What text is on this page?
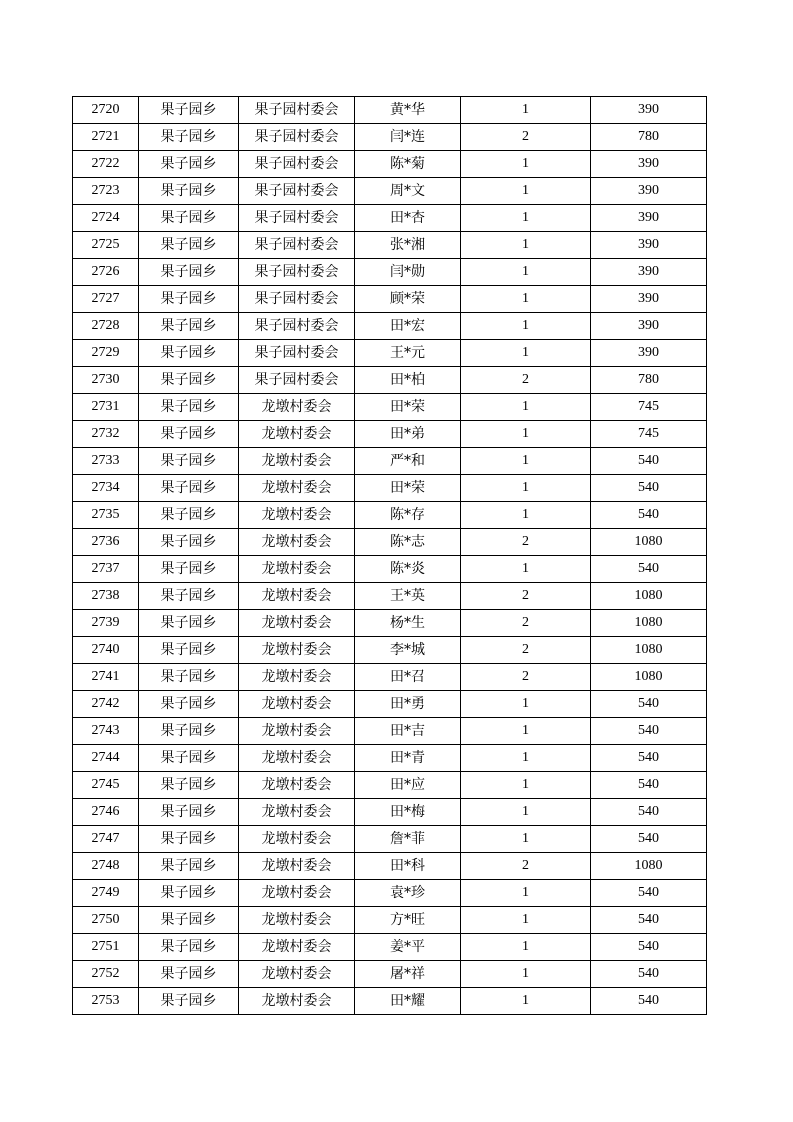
2720	果子园乡	果子园村委会	黄*华	1	390
2721	果子园乡	果子园村委会	闫*连	2	780
2722	果子园乡	果子园村委会	陈*菊	1	390
2723	果子园乡	果子园村委会	周*文	1	390
2724	果子园乡	果子园村委会	田*杏	1	390
2725	果子园乡	果子园村委会	张*湘	1	390
2726	果子园乡	果子园村委会	闫*勋	1	390
2727	果子园乡	果子园村委会	顾*荣	1	390
2728	果子园乡	果子园村委会	田*宏	1	390
2729	果子园乡	果子园村委会	王*元	1	390
2730	果子园乡	果子园村委会	田*柏	2	780
2731	果子园乡	龙墩村委会	田*荣	1	745
2732	果子园乡	龙墩村委会	田*弟	1	745
2733	果子园乡	龙墩村委会	严*和	1	540
2734	果子园乡	龙墩村委会	田*荣	1	540
2735	果子园乡	龙墩村委会	陈*存	1	540
2736	果子园乡	龙墩村委会	陈*志	2	1080
2737	果子园乡	龙墩村委会	陈*炎	1	540
2738	果子园乡	龙墩村委会	王*英	2	1080
2739	果子园乡	龙墩村委会	杨*生	2	1080
2740	果子园乡	龙墩村委会	李*城	2	1080
2741	果子园乡	龙墩村委会	田*召	2	1080
2742	果子园乡	龙墩村委会	田*勇	1	540
2743	果子园乡	龙墩村委会	田*吉	1	540
2744	果子园乡	龙墩村委会	田*青	1	540
2745	果子园乡	龙墩村委会	田*应	1	540
2746	果子园乡	龙墩村委会	田*梅	1	540
2747	果子园乡	龙墩村委会	詹*菲	1	540
2748	果子园乡	龙墩村委会	田*科	2	1080
2749	果子园乡	龙墩村委会	袁*珍	1	540
2750	果子园乡	龙墩村委会	方*旺	1	540
2751	果子园乡	龙墩村委会	姜*平	1	540
2752	果子园乡	龙墩村委会	屠*祥	1	540
2753	果子园乡	龙墩村委会	田*耀	1	540
